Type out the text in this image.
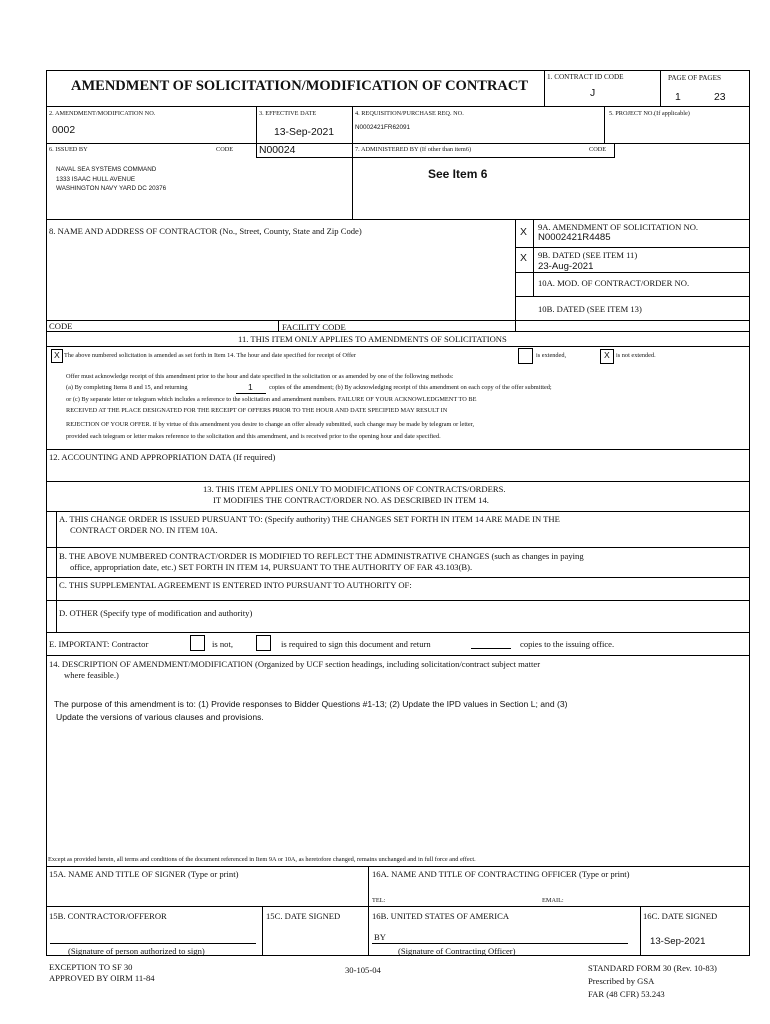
AMENDMENT OF SOLICITATION/MODIFICATION OF CONTRACT
1. CONTRACT ID CODE
J
PAGE OF PAGES
1	23
2. AMENDMENT/MODIFICATION NO.
0002
3. EFFECTIVE DATE
13-Sep-2021
4. REQUISITION/PURCHASE REQ. NO.
N0002421FR62091
5. PROJECT NO.(If applicable)
6. ISSUED BY	CODE N00024
NAVAL SEA SYSTEMS COMMAND
1333 ISAAC HULL AVENUE
WASHINGTON NAVY YARD DC 20376
7. ADMINISTERED BY (If other than item6)	CODE
See Item 6
8. NAME AND ADDRESS OF CONTRACTOR (No., Street, County, State and Zip Code)	X 9A. AMENDMENT OF SOLICITATION NO.
N0002421R4485
X 9B. DATED (SEE ITEM 11)
23-Aug-2021
10A. MOD. OF CONTRACT/ORDER NO.
10B. DATED (SEE ITEM 13)
CODE	FACILITY CODE
11. THIS ITEM ONLY APPLIES TO AMENDMENTS OF SOLICITATIONS
X The above numbered solicitation is amended as set forth in Item 14. The hour and date specified for receipt of Offer	is extended,	X is not extended.
Offer must acknowledge receipt of this amendment prior to the hour and date specified in the solicitation or as amended by one of the following methods:
(a) By completing Items 8 and 15, and returning	1	copies of the amendment; (b) By acknowledging receipt of this amendment on each copy of the offer submitted;
or (c) By separate letter or telegram which includes a reference to the solicitation and amendment numbers. FAILURE OF YOUR ACKNOWLEDGMENT TO BE
RECEIVED AT THE PLACE DESIGNATED FOR THE RECEIPT OF OFFERS PRIOR TO THE HOUR AND DATE SPECIFIED MAY RESULT IN
REJECTION OF YOUR OFFER. If by virtue of this amendment you desire to change an offer already submitted, such change may be made by telegram or letter,
provided each telegram or letter makes reference to the solicitation and this amendment, and is received prior to the opening hour and date specified.
12. ACCOUNTING AND APPROPRIATION DATA (If required)
13. THIS ITEM APPLIES ONLY TO MODIFICATIONS OF CONTRACTS/ORDERS.
IT MODIFIES THE CONTRACT/ORDER NO. AS DESCRIBED IN ITEM 14.
A. THIS CHANGE ORDER IS ISSUED PURSUANT TO: (Specify authority) THE CHANGES SET FORTH IN ITEM 14 ARE MADE IN THE
CONTRACT ORDER NO. IN ITEM 10A.
B. THE ABOVE NUMBERED CONTRACT/ORDER IS MODIFIED TO REFLECT THE ADMINISTRATIVE CHANGES (such as changes in paying
office, appropriation date, etc.) SET FORTH IN ITEM 14, PURSUANT TO THE AUTHORITY OF FAR 43.103(B).
C. THIS SUPPLEMENTAL AGREEMENT IS ENTERED INTO PURSUANT TO AUTHORITY OF:
D. OTHER (Specify type of modification and authority)
E. IMPORTANT: Contractor	is not,	is required to sign this document and return	copies to the issuing office.
14. DESCRIPTION OF AMENDMENT/MODIFICATION (Organized by UCF section headings, including solicitation/contract subject matter
where feasible.)
The purpose of this amendment is to: (1) Provide responses to Bidder Questions #1-13; (2) Update the IPD values in Section L; and (3)
Update the versions of various clauses and provisions.
Except as provided herein, all terms and conditions of the document referenced in Item 9A or 10A, as heretofore changed, remains unchanged and in full force and effect.
15A. NAME AND TITLE OF SIGNER (Type or print)	16A. NAME AND TITLE OF CONTRACTING OFFICER (Type or print)
TEL:	EMAIL:
15B. CONTRACTOR/OFFEROR	15C. DATE SIGNED	16B. UNITED STATES OF AMERICA
BY
16C. DATE SIGNED
13-Sep-2021
(Signature of person authorized to sign)	(Signature of Contracting Officer)
EXCEPTION TO SF 30
APPROVED BY OIRM 11-84
30-105-04	STANDARD FORM 30 (Rev. 10-83)
Prescribed by GSA
FAR (48 CFR) 53.243
